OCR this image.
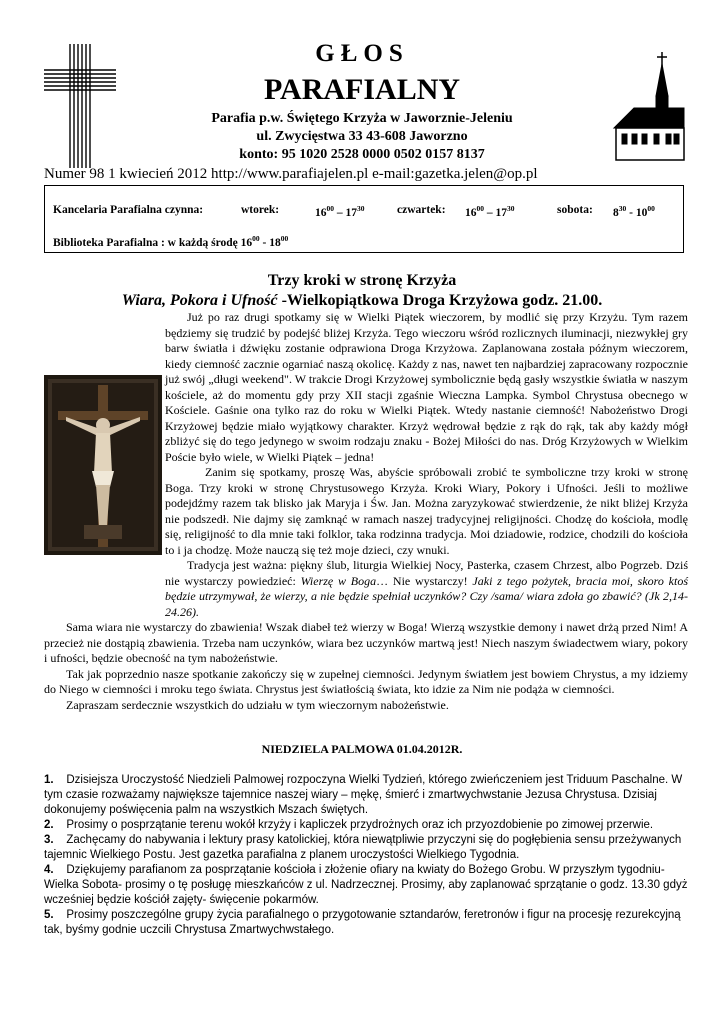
GŁOS
PARAFIALNY
Parafia p.w. Świętego Krzyża w Jaworznie-Jeleniu
ul. Zwycięstwa 33 43-608 Jaworzno
konto: 95 1020 2528 0000 0502 0157 8137
Numer 98 1 kwiecień 2012 http://www.parafiajelen.pl e-mail:gazetka.jelen@op.pl
Kancelaria Parafialna czynna:	wtorek:	$16^{00} - 17^{30}$	czwartek: $16^{00} - 17^{30}$	sobota: $8^{30} - 10^{00}$
Biblioteka Parafialna : w każdą środę $16^{00} - 18^{00}$
Trzy kroki w stronę Krzyża
Wiara, Pokora i Ufność -Wielkopiątkowa Droga Krzyżowa godz. 21.00.

Już po raz drugi spotkamy się w Wielki Piątek wieczorem, by modlić się przy Krzyżu. Tym razem będziemy się trudzić by podejść bliżej Krzyża. Tego wieczoru wśród rozlicznych iluminacji, niezwykłej gry barw światła i dźwięku zostanie odprawiona Droga Krzyżowa. Zaplanowana została późnym wieczorem, kiedy ciemność zacznie ogarniać naszą okolicę. Każdy z nas, nawet ten najbardziej zapracowany rozpocznie już swój „długi weekend". W trakcie Drogi Krzyżowej symbolicznie będą gasły wszystkie światła w naszym kościele, aż do momentu gdy przy XII stacji zgaśnie Wieczna Lampka. Symbol Chrystusa obecnego w Kościele. Gaśnie ona tylko raz do roku w Wielki Piątek. Wtedy nastanie ciemność! Nabożeństwo Drogi Krzyżowej będzie miało wyjątkowy charakter. Krzyż wędrował będzie z rąk do rąk, tak aby każdy mógł zbliżyć się do tego jedynego w swoim rodzaju znaku - Bożej Miłości do nas. Dróg Krzyżowych w Wielkim Poście było wiele, w Wielki Piątek – jedna!

Zanim się spotkamy, proszę Was, abyście spróbowali zrobić te symboliczne trzy kroki w stronę Boga. Trzy kroki w stronę Chrystusowego Krzyża. Kroki Wiary, Pokory i Ufności. Jeśli to możliwe podejdźmy razem tak blisko jak Maryja i Św. Jan. Można zaryzykować stwierdzenie, że nikt bliżej Krzyża nie podszedł. Nie dajmy się zamknąć w ramach naszej tradycyjnej religijności. Chodzę do kościoła, modlę się, religijność to dla mnie taki folklor, taka rodzinna tradycja. Moi dziadowie, rodzice, chodzili do kościoła to i ja chodzę. Może nauczą się też moje dzieci, czy wnuki.

Tradycja jest ważna: piękny ślub, liturgia Wielkiej Nocy, Pasterka, czasem Chrzest, albo Pogrzeb. Dziś nie wystarczy powiedzieć: Wierzę w Boga… Nie wystarczy! Jaki z tego pożytek, bracia moi, skoro ktoś będzie utrzymywał, że wierzy, a nie będzie spełniał uczynków? Czy /sama/ wiara zdoła go zbawić? (Jk 2,14-24.26).

Sama wiara nie wystarczy do zbawienia! Wszak diabeł też wierzy w Boga! Wierzą wszystkie demony i nawet drżą przed Nim! A przecież nie dostąpią zbawienia. Trzeba nam uczynków, wiara bez uczynków martwą jest! Niech naszym świadectwem wiary, pokory i ufności, będzie obecność na tym nabożeństwie.

Tak jak poprzednio nasze spotkanie zakończy się w zupełnej ciemności. Jedynym światłem jest bowiem Chrystus, a my idziemy do Niego w ciemności i mroku tego świata. Chrystus jest światłością świata, kto idzie za Nim nie podąża w ciemności.

Zapraszam serdecznie wszystkich do udziału w tym wieczornym nabożeństwie.

NIEDZIELA PALMOWA 01.04.2012R.

1. Dzisiejsza Uroczystość Niedzieli Palmowej rozpoczyna Wielki Tydzień, którego zwieńczeniem jest Triduum Paschalne. W tym czasie rozważamy największe tajemnice naszej wiary – mękę, śmierć i zmartwychwstanie Jezusa Chrystusa. Dzisiaj dokonujemy poświęcenia palm na wszystkich Mszach świętych.

2. Prosimy o posprzątanie terenu wokół krzyży i kapliczek przydrożnych oraz ich przyozdobienie po zimowej przerwie.

3. Zachęcamy do nabywania i lektury prasy katolickiej, która niewątpliwie przyczyni się do pogłębienia sensu przeżywanych tajemnic Wielkiego Postu. Jest gazetka parafialna z planem uroczystości Wielkiego Tygodnia.

4. Dziękujemy parafianom za posprzątanie kościoła i złożenie ofiary na kwiaty do Bożego Grobu. W przyszłym tygodniu- Wielka Sobota- prosimy o tę posługę mieszkańców z ul. Nadrzecznej. Prosimy, aby zaplanować sprzątanie o godz. 13.30 gdyż wcześniej będzie kościół zajęty- święcenie pokarmów.

5. Prosimy poszczególne grupy życia parafialnego o przygotowanie sztandarów, feretronów i figur na procesję rezurekcyjną tak, byśmy godnie uczcili Chrystusa Zmartwychwstałego.
